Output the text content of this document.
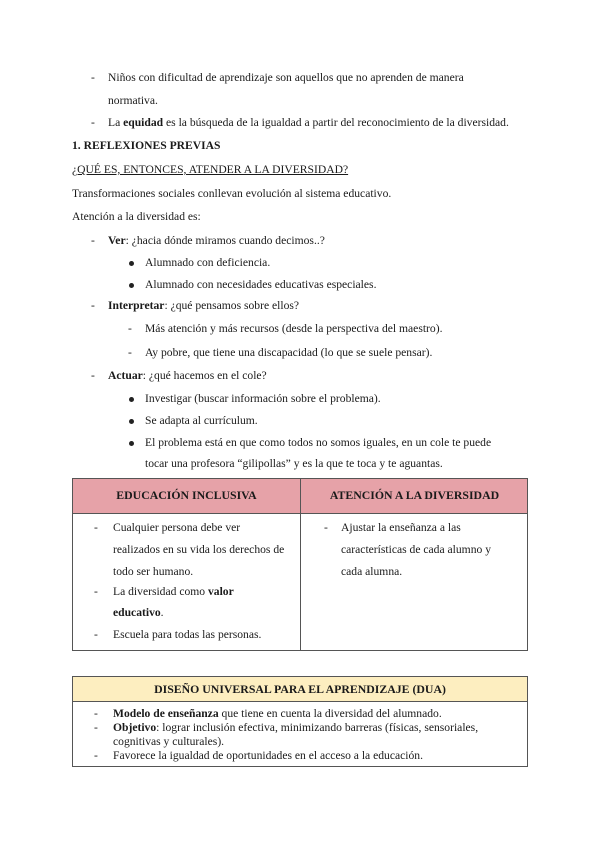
- Niños con dificultad de aprendizaje son aquellos que no aprenden de manera
normativa.
- La equidad es la búsqueda de la igualdad a partir del reconocimiento de la diversidad.
1. REFLEXIONES PREVIAS
¿QUÉ ES, ENTONCES, ATENDER A LA DIVERSIDAD?
Transformaciones sociales conllevan evolución al sistema educativo.
Atención a la diversidad es:
- Ver: ¿hacia dónde miramos cuando decimos..?
Alumnado con deficiencia.
Alumnado con necesidades educativas especiales.
- Interpretar: ¿qué pensamos sobre ellos?
- Más atención y más recursos (desde la perspectiva del maestro).
- Ay pobre, que tiene una discapacidad (lo que se suele pensar).
- Actuar: ¿qué hacemos en el cole?
Investigar (buscar información sobre el problema).
Se adapta al currículum.
El problema está en que como todos no somos iguales, en un cole te puede
tocar una profesora “gilipollas” y es la que te toca y te aguantas.
EDUCACIÓN INCLUSIVA	ATENCIÓN A LA DIVERSIDAD
- Cualquier persona debe ver
realizados en su vida los derechos de
todo ser humano.
- La diversidad como valor
educativo.
- Escuela para todas las personas.
- Ajustar la enseñanza a las
características de cada alumno y
cada alumna.
DISEÑO UNIVERSAL PARA EL APRENDIZAJE (DUA)
- Modelo de enseñanza que tiene en cuenta la diversidad del alumnado.
- Objetivo: lograr inclusión efectiva, minimizando barreras (físicas, sensoriales,
cognitivas y culturales).
- Favorece la igualdad de oportunidades en el acceso a la educación.
